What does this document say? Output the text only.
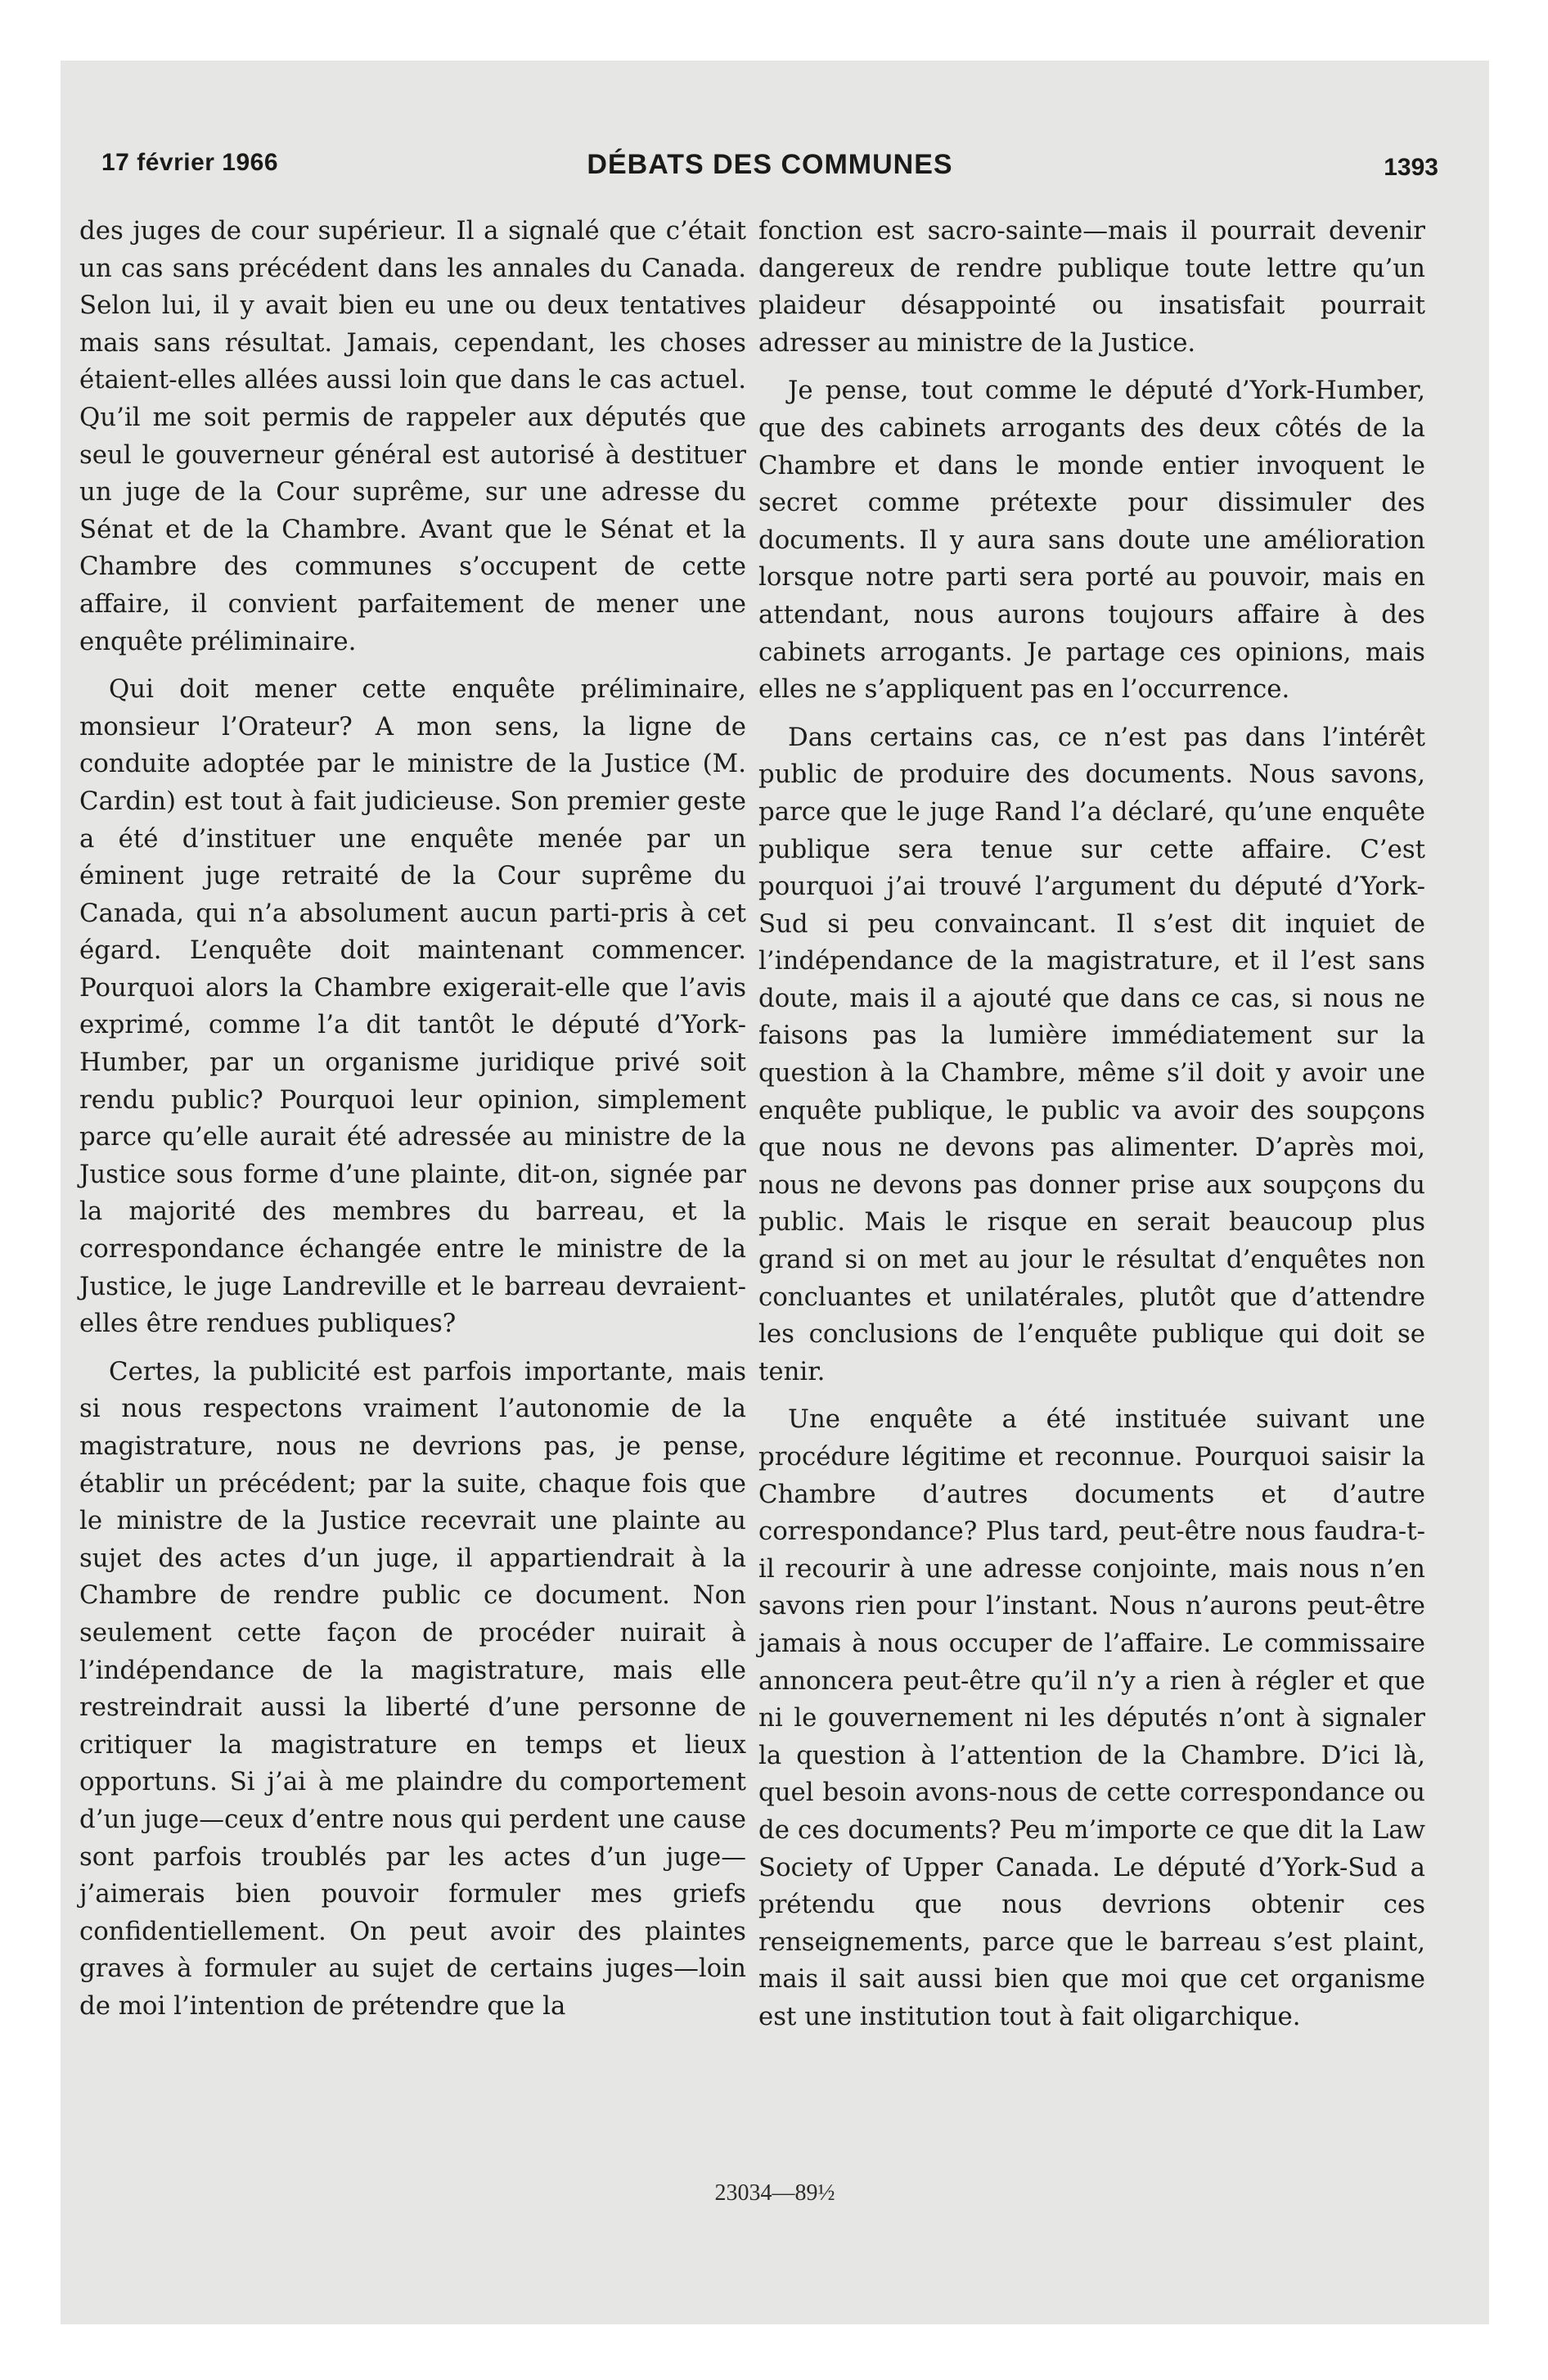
17 février 1966	DÉBATS DES COMMUNES	1393

des juges de cour supérieur. Il a signalé que c’était un cas sans précédent dans les annales du Canada. Selon lui, il y avait bien eu une ou deux tentatives mais sans résultat. Jamais, cependant, les choses étaient-elles allées aussi loin que dans le cas actuel. Qu’il me soit permis de rappeler aux députés que seul le gouverneur général est autorisé à destituer un juge de la Cour suprême, sur une adresse du Sénat et de la Chambre. Avant que le Sénat et la Chambre des communes s’occupent de cette affaire, il convient parfaitement de mener une enquête préliminaire.

Qui doit mener cette enquête préliminaire, monsieur l’Orateur? A mon sens, la ligne de conduite adoptée par le ministre de la Justice (M. Cardin) est tout à fait judicieuse. Son premier geste a été d’instituer une enquête menée par un éminent juge retraité de la Cour suprême du Canada, qui n’a absolument aucun parti-pris à cet égard. L’enquête doit maintenant commencer. Pourquoi alors la Chambre exigerait-elle que l’avis exprimé, comme l’a dit tantôt le député d’York-Humber, par un organisme juridique privé soit rendu public? Pourquoi leur opinion, simplement parce qu’elle aurait été adressée au ministre de la Justice sous forme d’une plainte, dit-on, signée par la majorité des membres du barreau, et la correspondance échangée entre le ministre de la Justice, le juge Landreville et le barreau devraient-elles être rendues publiques?

Certes, la publicité est parfois importante, mais si nous respectons vraiment l’autonomie de la magistrature, nous ne devrions pas, je pense, établir un précédent; par la suite, chaque fois que le ministre de la Justice recevrait une plainte au sujet des actes d’un juge, il appartiendrait à la Chambre de rendre public ce document. Non seulement cette façon de procéder nuirait à l’indépendance de la magistrature, mais elle restreindrait aussi la liberté d’une personne de critiquer la magistrature en temps et lieux opportuns. Si j’ai à me plaindre du comportement d’un juge—ceux d’entre nous qui perdent une cause sont parfois troublés par les actes d’un juge—j’aimerais bien pouvoir formuler mes griefs confidentiellement. On peut avoir des plaintes graves à formuler au sujet de certains juges—loin de moi l’intention de prétendre que la

fonction est sacro-sainte—mais il pourrait devenir dangereux de rendre publique toute lettre qu’un plaideur désappointé ou insatisfait pourrait adresser au ministre de la Justice.

Je pense, tout comme le député d’York-Humber, que des cabinets arrogants des deux côtés de la Chambre et dans le monde entier invoquent le secret comme prétexte pour dissimuler des documents. Il y aura sans doute une amélioration lorsque notre parti sera porté au pouvoir, mais en attendant, nous aurons toujours affaire à des cabinets arrogants. Je partage ces opinions, mais elles ne s’appliquent pas en l’occurrence.

Dans certains cas, ce n’est pas dans l’intérêt public de produire des documents. Nous savons, parce que le juge Rand l’a déclaré, qu’une enquête publique sera tenue sur cette affaire. C’est pourquoi j’ai trouvé l’argument du député d’York-Sud si peu convaincant. Il s’est dit inquiet de l’indépendance de la magistrature, et il l’est sans doute, mais il a ajouté que dans ce cas, si nous ne faisons pas la lumière immédiatement sur la question à la Chambre, même s’il doit y avoir une enquête publique, le public va avoir des soupçons que nous ne devons pas alimenter. D’après moi, nous ne devons pas donner prise aux soupçons du public. Mais le risque en serait beaucoup plus grand si on met au jour le résultat d’enquêtes non concluantes et unilatérales, plutôt que d’attendre les conclusions de l’enquête publique qui doit se tenir.

Une enquête a été instituée suivant une procédure légitime et reconnue. Pourquoi saisir la Chambre d’autres documents et d’autre correspondance? Plus tard, peut-être nous faudra-t-il recourir à une adresse conjointe, mais nous n’en savons rien pour l’instant. Nous n’aurons peut-être jamais à nous occuper de l’affaire. Le commissaire annoncera peut-être qu’il n’y a rien à régler et que ni le gouvernement ni les députés n’ont à signaler la question à l’attention de la Chambre. D’ici là, quel besoin avons-nous de cette correspondance ou de ces documents? Peu m’importe ce que dit la Law Society of Upper Canada. Le député d’York-Sud a prétendu que nous devrions obtenir ces renseignements, parce que le barreau s’est plaint, mais il sait aussi bien que moi que cet organisme est une institution tout à fait oligarchique.

23034—89½
